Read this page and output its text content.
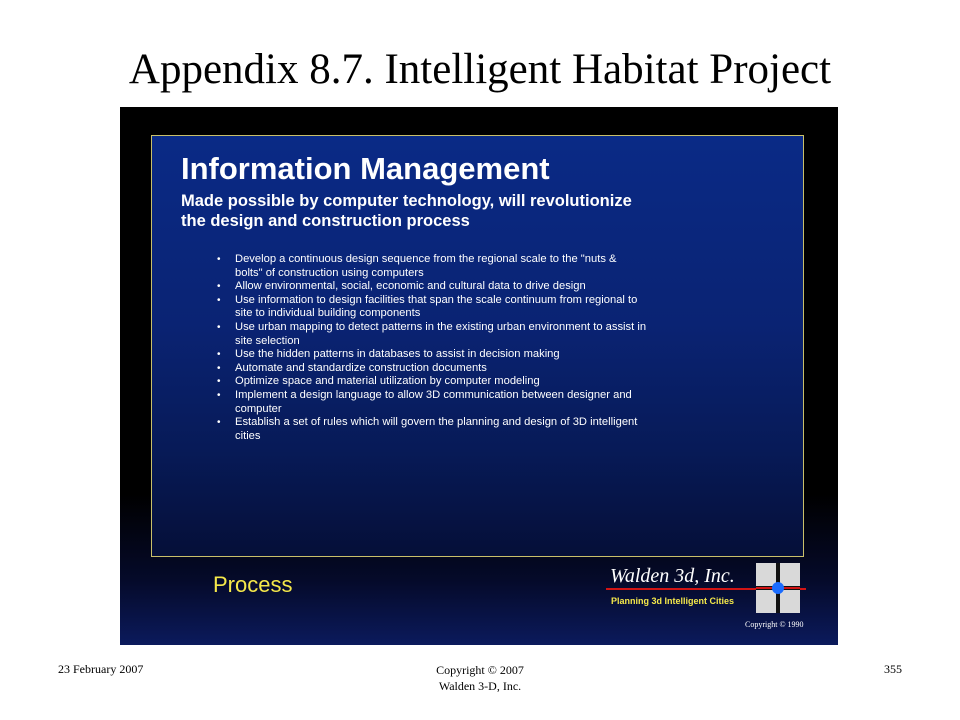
Appendix 8.7. Intelligent Habitat Project
Information Management
Made possible by computer technology, will revolutionize the design and construction process
• Develop a continuous design sequence from the regional scale to the "nuts & bolts" of construction using computers
• Allow environmental, social, economic and cultural data to drive design
• Use information to design facilities that span the scale continuum from regional to site to individual building components
• Use urban mapping to detect patterns in the existing urban environment to assist in site selection
• Use the hidden patterns in databases to assist in decision making
• Automate and standardize construction documents
• Optimize space and material utilization by computer modeling
• Implement a design language to allow 3D communication between designer and computer
• Establish a set of rules which will govern the planning and design of 3D intelligent cities
Process	Walden 3d, Inc.
Planning 3d Intelligent Cities
Copyright © 1990
23 February 2007	Copyright © 2007
Walden 3-D, Inc.
355
